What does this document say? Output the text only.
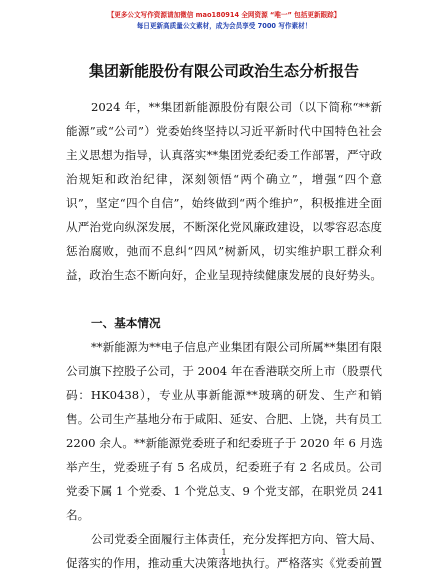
【更多公文写作资源请加微信 mao180914 全网资源 “唯一” 包括更新跟踪】
每日更新高质量公文素材，成为会员享受 7000 写作素材！
集团新能股份有限公司政治生态分析报告
2024 年，**集团新能源股份有限公司（以下简称“**新
能源”或“公司”）党委始终坚持以习近平新时代中国特色社会
主义思想为指导，认真落实**集团党委纪委工作部署，严守政
治规矩和政治纪律，深刻领悟“两个确立”，增强“四个意
识”，坚定“四个自信”，始终做到“两个维护”，积极推进全面
从严治党向纵深发展，不断深化党风廉政建设，以零容忍态度
惩治腐败，弛而不息纠“四风”树新风，切实维护职工群众利
益，政治生态不断向好，企业呈现持续健康发展的良好势头。
一、基本情况
**新能源为**电子信息产业集团有限公司所属**集团有限
公司旗下控股子公司，于 2004 年在香港联交所上市（股票代
码：HK0438），专业从事新能源**玻璃的研发、生产和销
售。公司生产基地分布于咸阳、延安、合肥、上饶，共有员工
2200 余人。**新能源党委班子和纪委班子于 2020 年 6 月选
举产生，党委班子有 5 名成员，纪委班子有 2 名成员。公司
党委下属 1 个党委、1 个党总支、9 个党支部，在职党员 241
名。
公司党委全面履行主体责任，充分发挥把方向、管大局、
促落实的作用，推动重大决策落地执行。严格落实《党委前置
1
